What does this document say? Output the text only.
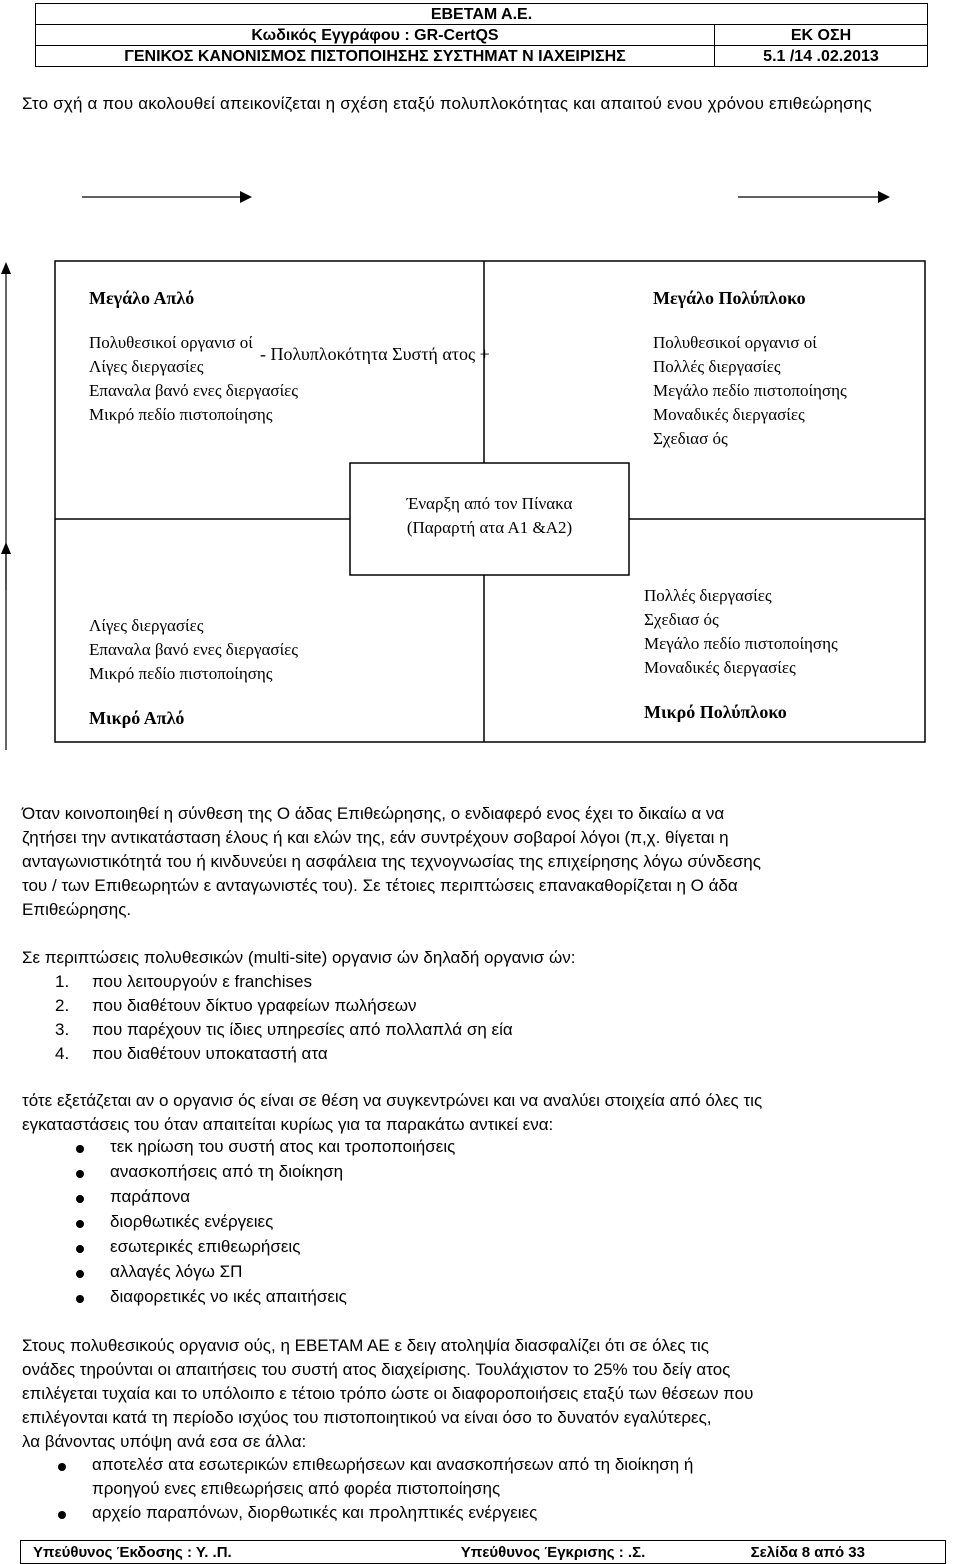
ΕΒΕΤΑΜ Α.Ε.	
Κωδικός Εγγράφου : GR-CertQS	ΕΚ ΟΣΗ
ΓΕΝΙΚΟΣ ΚΑΝΟΝΙΣΜΟΣ ΠΙΣΤΟΠΟΙΗΣΗΣ ΣΥΣΤΗΜΑΤ Ν ΙΑΧΕΙΡΙΣΗΣ	5.1 /14 .02.2013
Στο σχή α που ακολουθεί απεικονίζεται η σχέση εταξύ πολυπλοκότητας και απαιτού ενου χρόνου επιθεώρησης
- Πολυπλοκότητα Συστή ατος +
Μεγάλο Απλό
Πολυθεσικοί οργανισ οί
Λίγες διεργασίες
Επαναλα βανό ενες διεργασίες
Μικρό πεδίο πιστοποίησης
Μεγάλο Πολύπλοκο
Πολυθεσικοί οργανισ οί
Πολλές διεργασίες
Μεγάλο πεδίο πιστοποίησης
Μοναδικές διεργασίες
Σχεδιασ ός
Έναρξη από τον Πίνακα
(Παραρτή ατα Α1 &Α2)
Λίγες διεργασίες
Επαναλα βανό ενες διεργασίες
Μικρό πεδίο πιστοποίησης
Μικρό Απλό
Πολλές διεργασίες
Σχεδιασ ός
Μεγάλο πεδίο πιστοποίησης
Μοναδικές διεργασίες
Μικρό Πολύπλοκο
Όταν κοινοποιηθεί η σύνθεση της Ο άδας Επιθεώρησης, ο ενδιαφερό ενος έχει το δικαίω α να
ζητήσει την αντικατάσταση έλους ή και ελών της, εάν συντρέχουν σοβαροί λόγοι (π,χ. θίγεται η
ανταγωνιστικότητά του ή κινδυνεύει η ασφάλεια της τεχνογνωσίας της επιχείρησης λόγω σύνδεσης
του / των Επιθεωρητών ε ανταγωνιστές του). Σε τέτοιες περιπτώσεις επανακαθορίζεται η Ο άδα
Επιθεώρησης.
Σε περιπτώσεις πολυθεσικών (multi-site) οργανισ ών δηλαδή οργανισ ών:
1. που λειτουργούν ε franchises
2. που διαθέτουν δίκτυο γραφείων πωλήσεων
3. που παρέχουν τις ίδιες υπηρεσίες από πολλαπλά ση εία
4. που διαθέτουν υποκαταστή ατα
τότε εξετάζεται αν ο οργανισ ός είναι σε θέση να συγκεντρώνει και να αναλύει στοιχεία από όλες τις
εγκαταστάσεις του όταν απαιτείται κυρίως για τα παρακάτω αντικεί ενα:
τεκ ηρίωση του συστή ατος και τροποποιήσεις
ανασκοπήσεις από τη διοίκηση
παράπονα
διορθωτικές ενέργειες
εσωτερικές επιθεωρήσεις
αλλαγές λόγω ΣΠ
διαφορετικές νο ικές απαιτήσεις
Στους πολυθεσικούς οργανισ ούς, η ΕΒΕΤΑΜ ΑΕ ε δειγ ατοληψία διασφαλίζει ότι σε όλες τις
ονάδες τηρούνται οι απαιτήσεις του συστή ατος διαχείρισης. Τουλάχιστον το 25% του δείγ ατος
επιλέγεται τυχαία και το υπόλοιπο ε τέτοιο τρόπο ώστε οι διαφοροποιήσεις εταξύ των θέσεων που
επιλέγονται κατά τη περίοδο ισχύος του πιστοποιητικού να είναι όσο το δυνατόν εγαλύτερες,
λα βάνοντας υπόψη ανά εσα σε άλλα:
αποτελέσ ατα εσωτερικών επιθεωρήσεων και ανασκοπήσεων από τη διοίκηση ή
προηγού ενες επιθεωρήσεις από φορέα πιστοποίησης
αρχείο παραπόνων, διορθωτικές και προληπτικές ενέργειες
Υπεύθυνος Έκδοσης : Υ. .Π.	Υπεύθυνος Έγκρισης : .Σ.	Σελίδα 8 από 33
